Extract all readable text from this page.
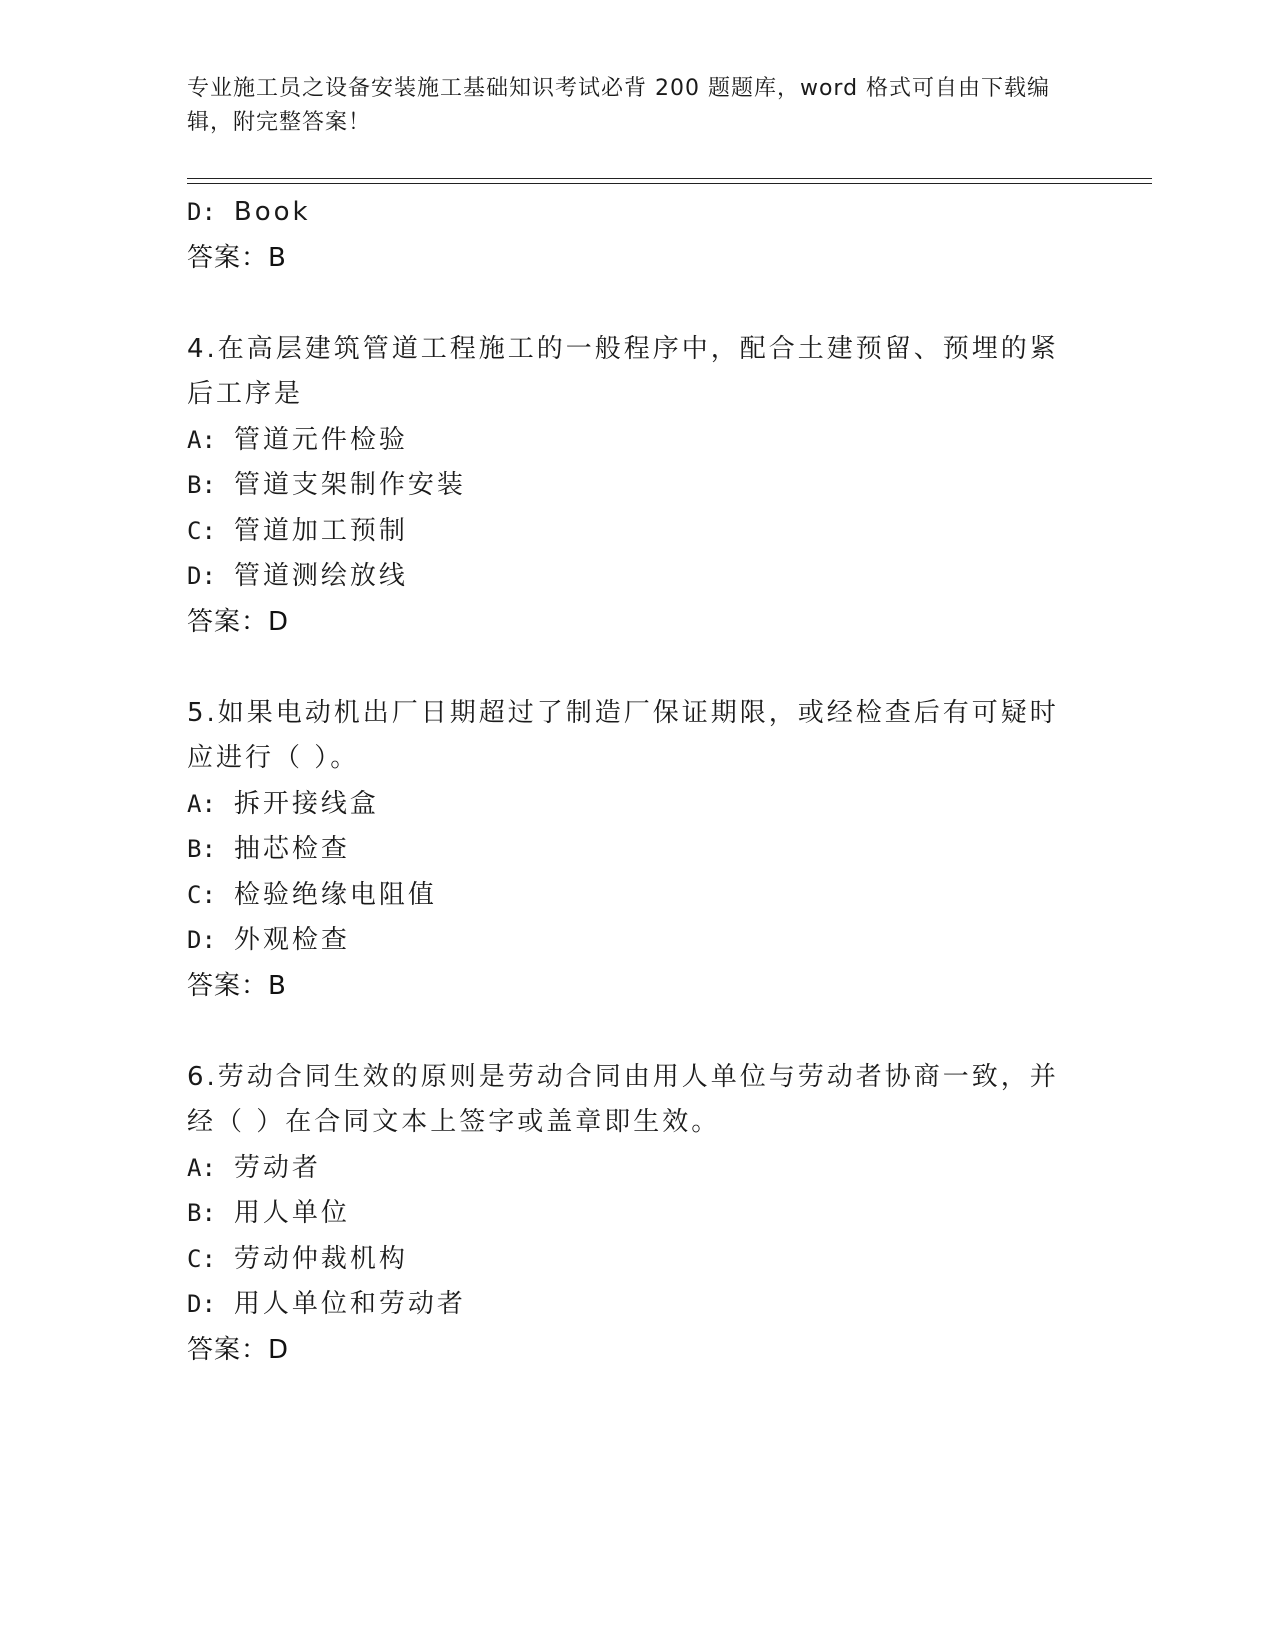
专业施工员之设备安装施工基础知识考试必背 200 题题库，word 格式可自由下载编辑，附完整答案！
D: Book
答案：B
4.在高层建筑管道工程施工的一般程序中，配合土建预留、预埋的紧后工序是
A: 管道元件检验
B: 管道支架制作安装
C: 管道加工预制
D: 管道测绘放线
答案：D
5.如果电动机出厂日期超过了制造厂保证期限，或经检查后有可疑时应进行（ ）。
A: 拆开接线盒
B: 抽芯检查
C: 检验绝缘电阻值
D: 外观检查
答案：B
6.劳动合同生效的原则是劳动合同由用人单位与劳动者协商一致，并经（ ）在合同文本上签字或盖章即生效。
A: 劳动者
B: 用人单位
C: 劳动仲裁机构
D: 用人单位和劳动者
答案：D
